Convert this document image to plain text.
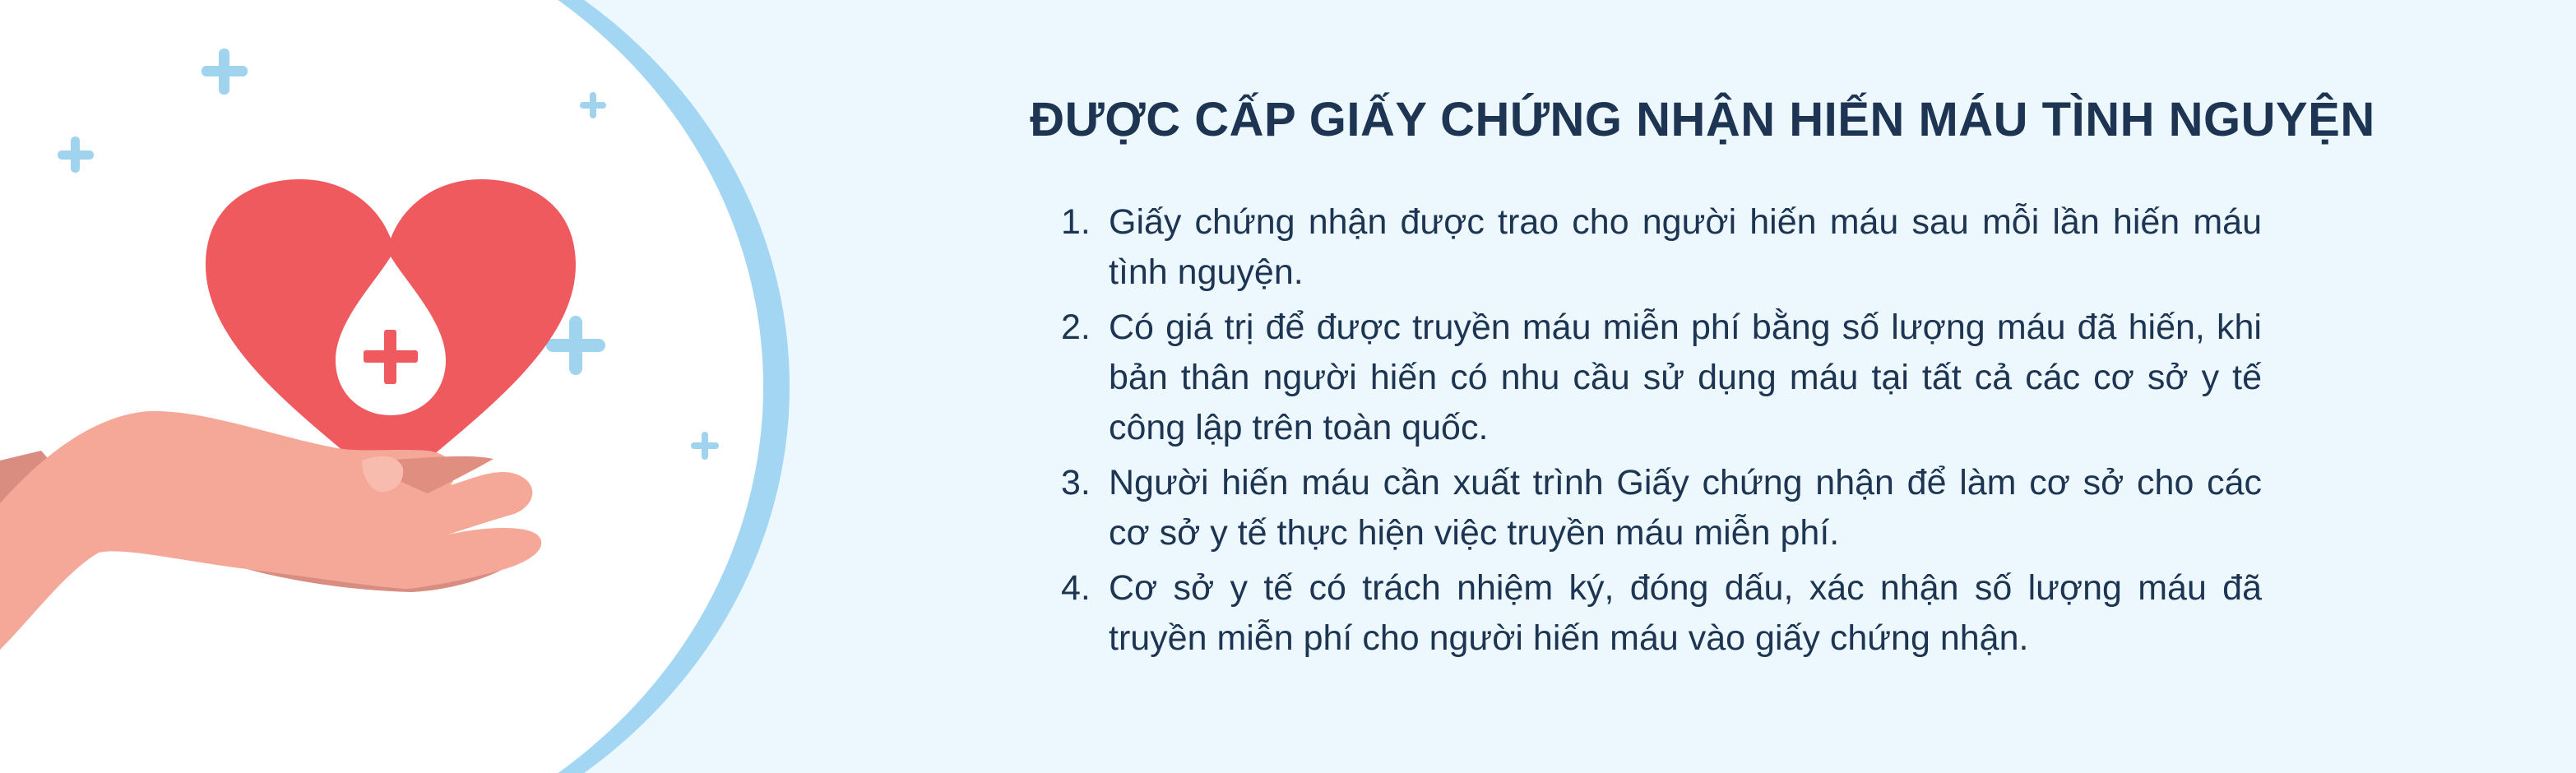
ĐƯỢC CẤP GIẤY CHỨNG NHẬN HIẾN MÁU TÌNH NGUYỆN
1. Giấy chứng nhận được trao cho người hiến máu sau mỗi lần hiến máu tình nguyện.
2. Có giá trị để được truyền máu miễn phí bằng số lượng máu đã hiến, khi bản thân người hiến có nhu cầu sử dụng máu tại tất cả các cơ sở y tế công lập trên toàn quốc.
3. Người hiến máu cần xuất trình Giấy chứng nhận để làm cơ sở cho các cơ sở y tế thực hiện việc truyền máu miễn phí.
4. Cơ sở y tế có trách nhiệm ký, đóng dấu, xác nhận số lượng máu đã truyền miễn phí cho người hiến máu vào giấy chứng nhận.
